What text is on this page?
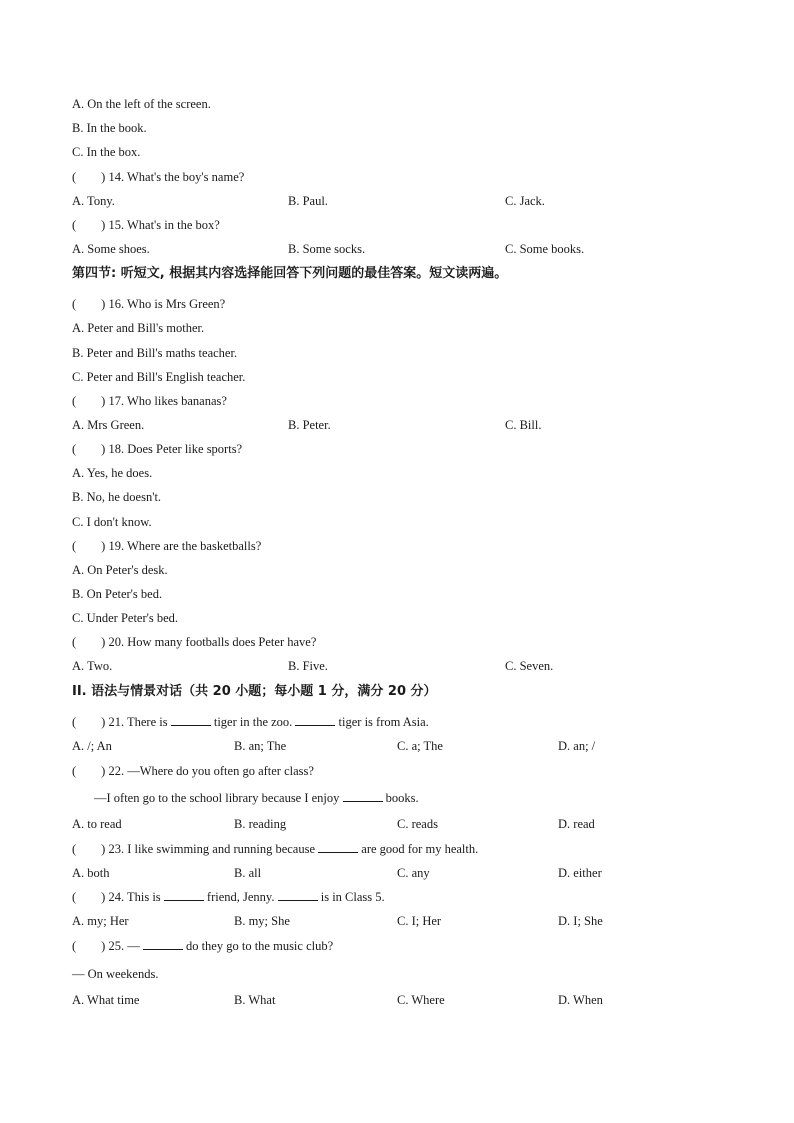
A. On the left of the screen.
B. In the book.
C. In the box.
(　　) 14. What's the boy's name?
A. Tony.	B. Paul.	C. Jack.
(　　) 15. What's in the box?
A. Some shoes.	B. Some socks.	C. Some books.
第四节: 听短文, 根据其内容选择能回答下列问题的最佳答案。短文读两遍。
(　　) 16. Who is Mrs Green?
A. Peter and Bill's mother.
B. Peter and Bill's maths teacher.
C. Peter and Bill's English teacher.
(　　) 17. Who likes bananas?
A. Mrs Green.	B. Peter.	C. Bill.
(　　) 18. Does Peter like sports?
A. Yes, he does.
B. No, he doesn't.
C. I don't know.
(　　) 19. Where are the basketballs?
A. On Peter's desk.
B. On Peter's bed.
C. Under Peter's bed.
(　　) 20. How many footballs does Peter have?
A. Two.	B. Five.	C. Seven.
II. 语法与情景对话（共 20 小题；每小题 1 分，满分 20 分）
(　　) 21. There is	tiger in the zoo.	tiger is from Asia.
A. /; An	B. an; The	C. a; The	D. an; /
(　　) 22. —Where do you often go after class?
—I often go to the school library because I enjoy	books.
A. to read	B. reading	C. reads	D. read
(　　) 23. I like swimming and running because	are good for my health.
A. both	B. all	C. any	D. either
(　　) 24. This is	friend, Jenny.	is in Class 5.
A. my; Her	B. my; She	C. I; Her	D. I; She
(　　) 25. —	do they go to the music club?
— On weekends.
A. What time	B. What	C. Where	D. When
